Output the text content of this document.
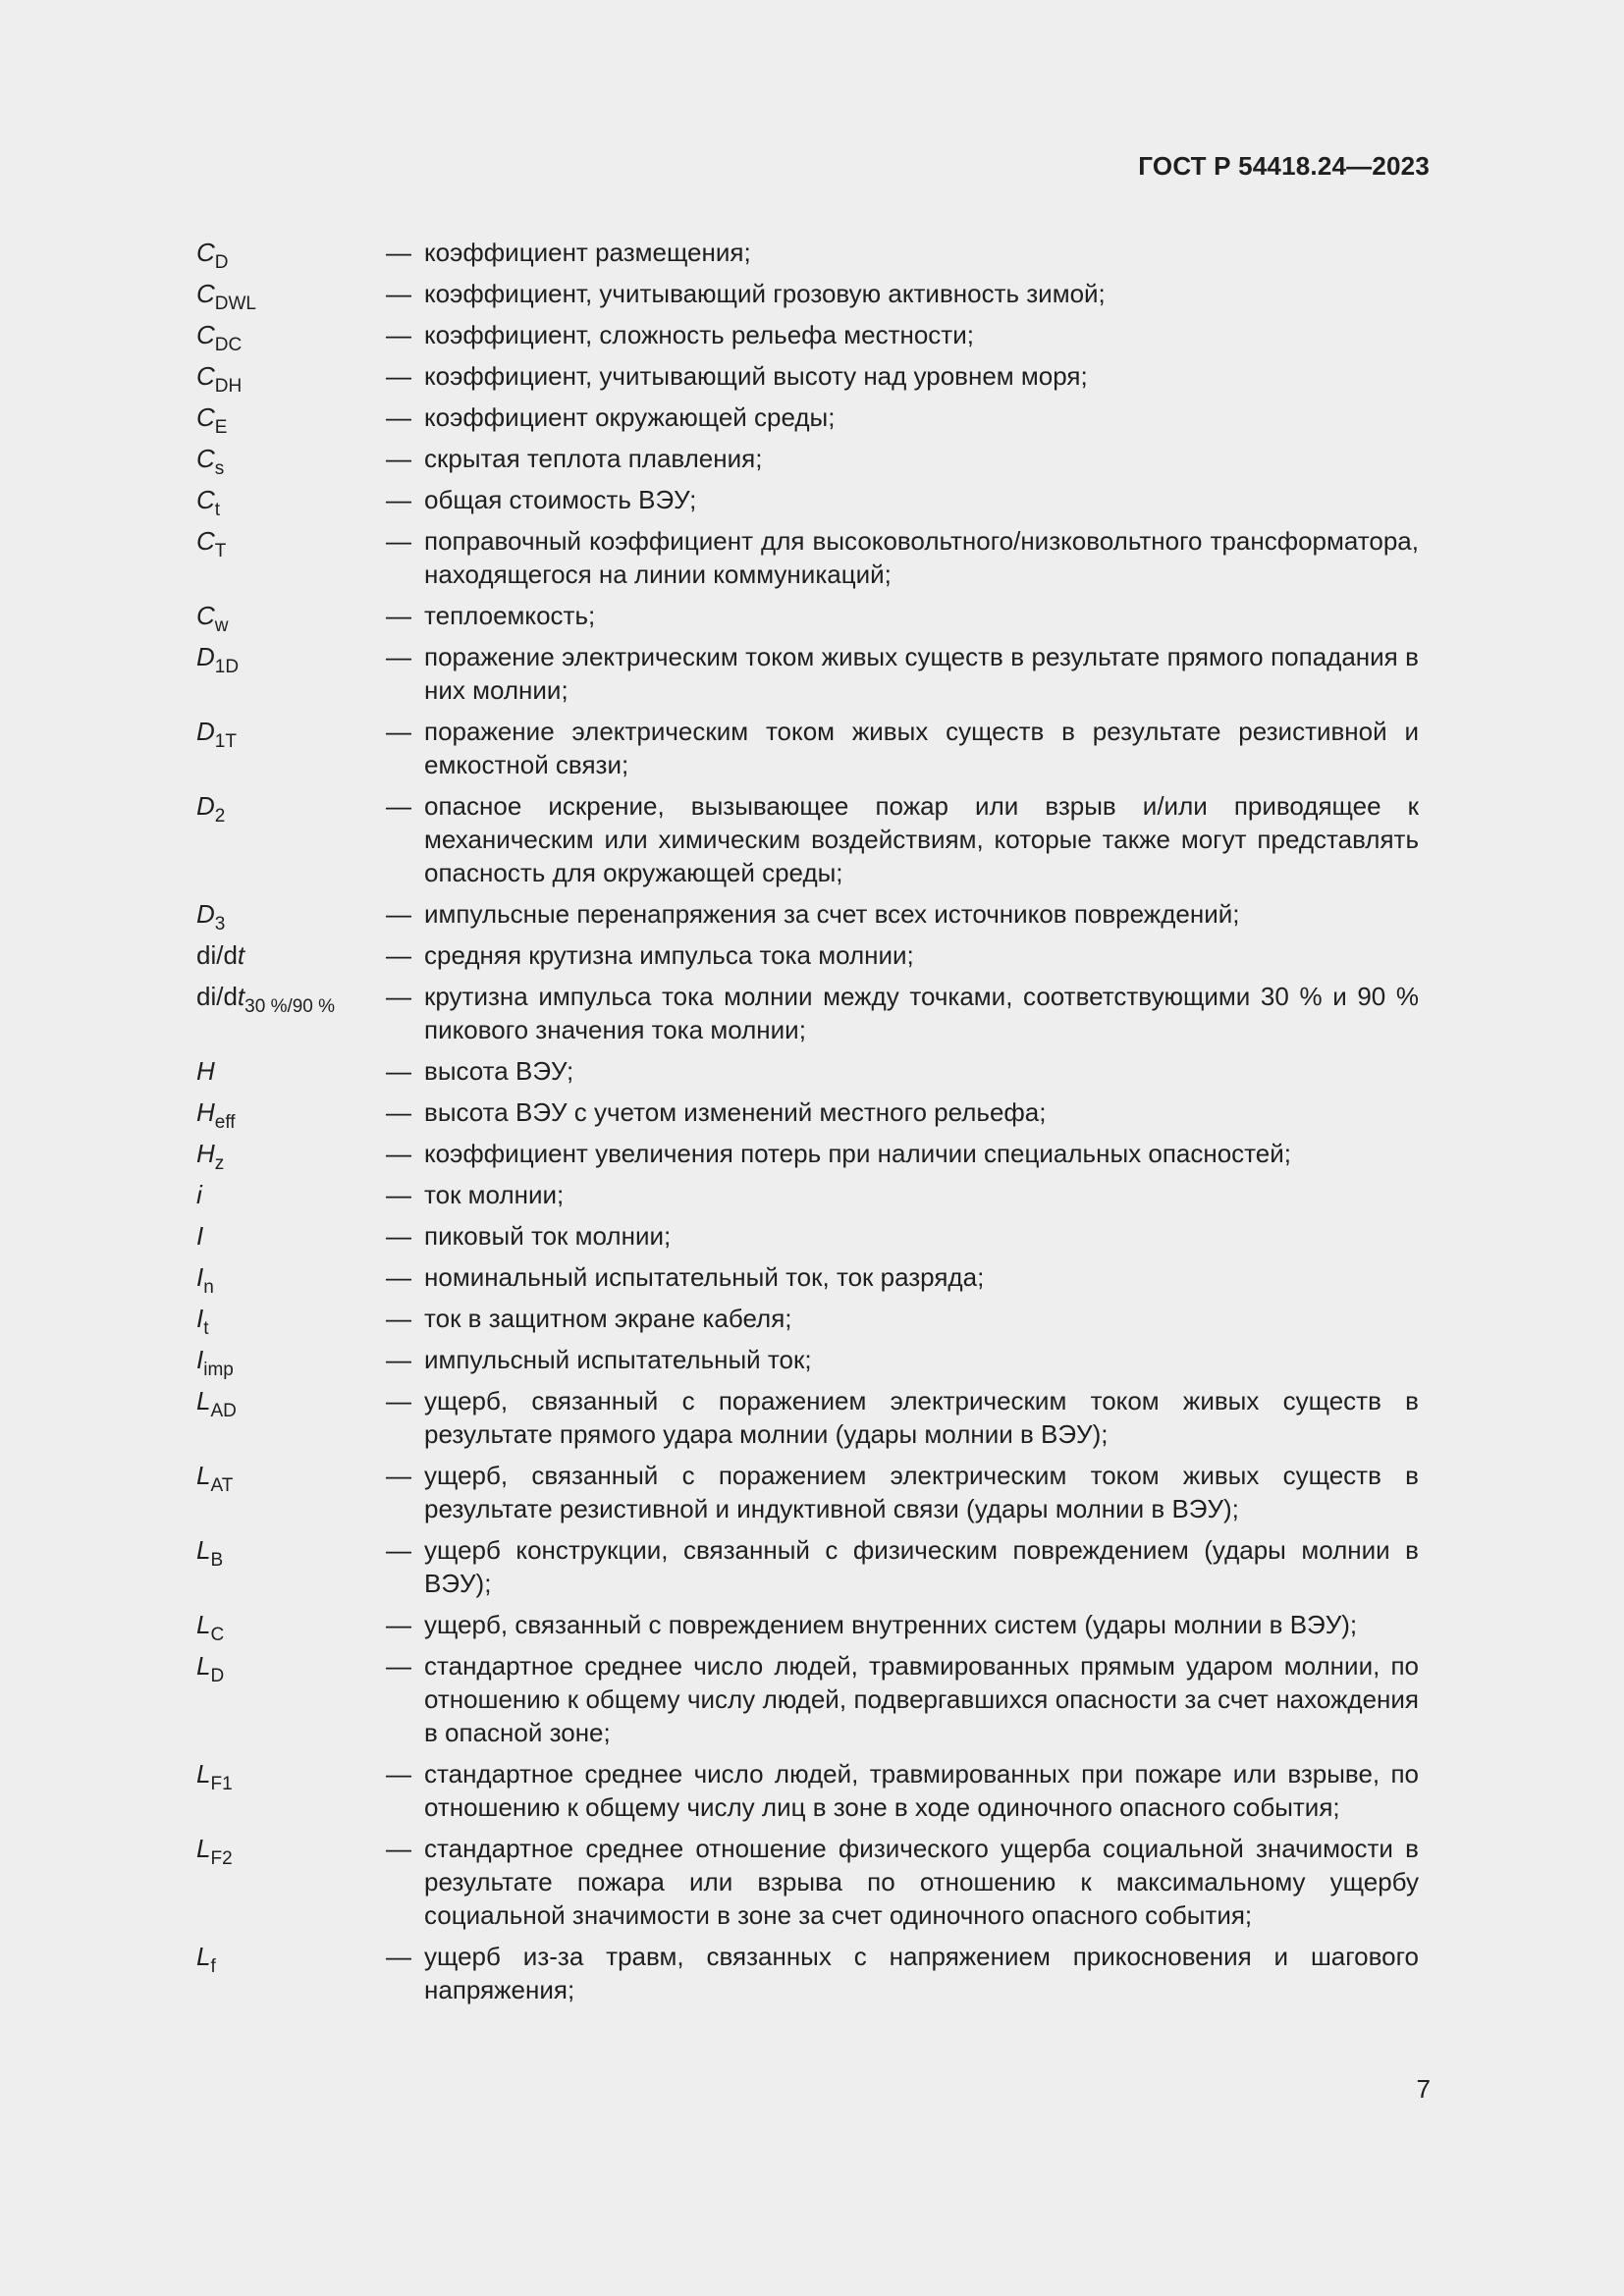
ГОСТ Р 54418.24—2023
$C_D$	— коэффициент размещения;
$C_{DWL}$	— коэффициент, учитывающий грозовую активность зимой;
$C_{DC}$	— коэффициент, сложность рельефа местности;
$C_{DH}$	— коэффициент, учитывающий высоту над уровнем моря;
$C_E$	— коэффициент окружающей среды;
$C_s$	— скрытая теплота плавления;
$C_t$	— общая стоимость ВЭУ;
$C_T$	— поправочный коэффициент для высоковольтного/низковольтного трансформатора, находящегося на линии коммуникаций;
$C_w$	— теплоемкость;
$D_{1D}$	— поражение электрическим током живых существ в результате прямого попадания в них молнии;
$D_{1T}$	— поражение электрическим током живых существ в результате резистивной и емкостной связи;
$D_2$	— опасное искрение, вызывающее пожар или взрыв и/или приводящее к механическим или химическим воздействиям, которые также могут представлять опасность для окружающей среды;
$D_3$	— импульсные перенапряжения за счет всех источников повреждений;
di/dt	— средняя крутизна импульса тока молнии;
$di/dt_{30 \%/90 \%}$	— крутизна импульса тока молнии между точками, соответствующими 30 % и 90 % пикового значения тока молнии;
H	— высота ВЭУ;
$H_{eff}$	— высота ВЭУ с учетом изменений местного рельефа;
$H_z$	— коэффициент увеличения потерь при наличии специальных опасностей;
i	— ток молнии;
I	— пиковый ток молнии;
$I_n$	— номинальный испытательный ток, ток разряда;
$I_t$	— ток в защитном экране кабеля;
$I_{imp}$	— импульсный испытательный ток;
$L_{AD}$	— ущерб, связанный с поражением электрическим током живых существ в результате прямого удара молнии (удары молнии в ВЭУ);
$L_{AT}$	— ущерб, связанный с поражением электрическим током живых существ в результате резистивной и индуктивной связи (удары молнии в ВЭУ);
$L_B$	— ущерб конструкции, связанный с физическим повреждением (удары молнии в ВЭУ);
$L_C$	— ущерб, связанный с повреждением внутренних систем (удары молнии в ВЭУ);
$L_D$	— стандартное среднее число людей, травмированных прямым ударом молнии, по отношению к общему числу людей, подвергавшихся опасности за счет нахождения в опасной зоне;
$L_{F1}$	— стандартное среднее число людей, травмированных при пожаре или взрыве, по отношению к общему числу лиц в зоне в ходе одиночного опасного события;
$L_{F2}$	— стандартное среднее отношение физического ущерба социальной значимости в результате пожара или взрыва по отношению к максимальному ущербу социальной значимости в зоне за счет одиночного опасного события;
$L_f$	— ущерб из-за травм, связанных с напряжением прикосновения и шагового напряжения;
7
